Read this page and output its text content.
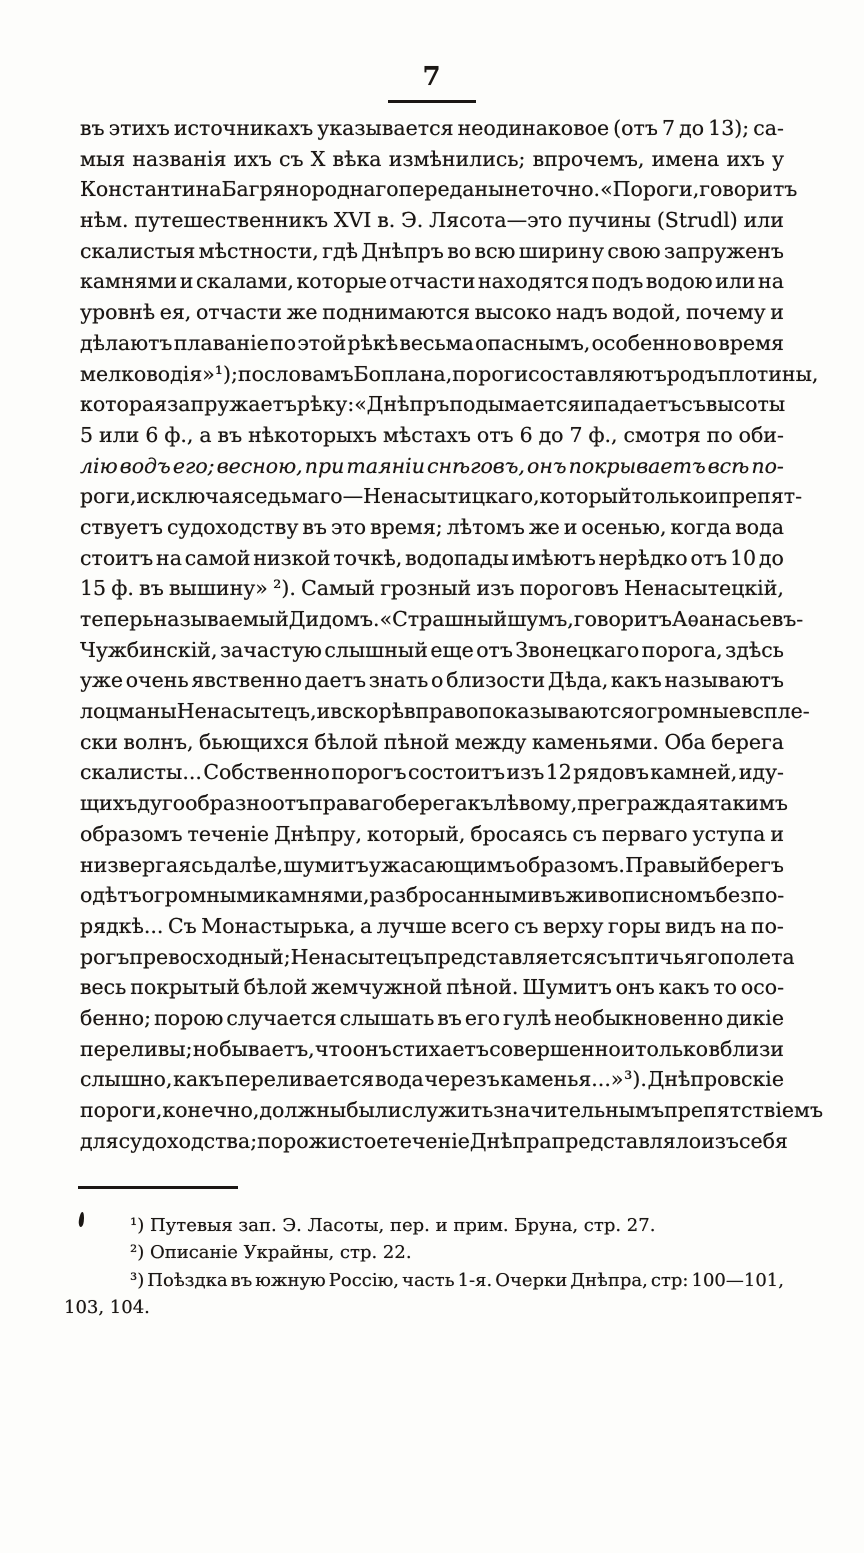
7
въ этихъ источникахъ указывается неодинаковое (отъ 7 до 13); са-
мыя названія ихъ съ X вѣка измѣнились; впрочемъ, имена ихъ у
Константина Багрянороднаго переданы не точно. «Пороги, говоритъ
нѣм. путешественникъ XVI в. Э. Лясота—это пучины (Strudl) или
скалистыя мѣстности, гдѣ Днѣпръ во всю ширину свою запруженъ
камнями и скалами, которые отчасти находятся подъ водою или на
уровнѣ ея, отчасти же поднимаются высоко надъ водой, почему и
дѣлаютъ плаваніе по этой рѣкѣ весьма опаснымъ, особенно во время
мелководія» ¹); по словамъ Боплана, пороги составляютъ родъ плотины,
которая запружаетъ рѣку: «Днѣпръ подымается и падаетъ съ высоты
5 или 6 ф., а въ нѣкоторыхъ мѣстахъ отъ 6 до 7 ф., смотря по оби-
лію водъ его; весною, при таяніи снѣговъ, онъ покрываетъ всѣ по-
роги, исключая седьмаго—Ненасытицкаго, который только и препят-
ствуетъ судоходству въ это время; лѣтомъ же и осенью, когда вода
стоитъ на самой низкой точкѣ, водопады имѣютъ нерѣдко отъ 10 до
15 ф. въ вышину» ²). Самый грозный изъ пороговъ Ненасытецкій,
теперь называемый Дидомъ. «Страшный шумъ, говоритъ Аѳанасьевъ-
Чужбинскій, зачастую слышный еще отъ Звонецкаго порога, здѣсь
уже очень явственно даетъ знать о близости Дѣда, какъ называютъ
лоцманы Ненасытецъ, и вскорѣ вправо показываются огромные вспле-
ски волнъ, бьющихся бѣлой пѣной между каменьями. Оба берега
скалисты... Собственно порогъ состоитъ изъ 12 рядовъ камней, иду-
щихъ дугообразно отъ праваго берега къ лѣвому, преграждая такимъ
образомъ теченіе Днѣпру, который, бросаясь съ перваго уступа и
низвергаясь далѣе, шумитъ ужасающимъ образомъ. Правый берегъ
одѣтъ огромными камнями, разбросанными въ живописномъ безпо-
рядкѣ... Съ Монастырька, а лучше всего съ верху горы видъ на по-
рогъ превосходный; Ненасытецъ представляется съ птичьяго полета
весь покрытый бѣлой жемчужной пѣной. Шумитъ онъ какъ то осо-
бенно; порою случается слышать въ его гулѣ необыкновенно дикіе
переливы; но бываетъ, что онъ стихаетъ совершенно и только вблизи
слышно, какъ переливается вода черезъ каменья...» ³). Днѣпровскіе
пороги, конечно, должны были служить значительнымъ препятствіемъ
для судоходства; порожистое теченіе Днѣпра представляло изъ себя
¹) Путевыя зап. Э. Ласоты, пер. и прим. Бруна, стр. 27.
²) Описаніе Украйны, стр. 22.
³) Поѣздка въ южную Россію, часть 1-я. Очерки Днѣпра, стр: 100—101,
103, 104.
